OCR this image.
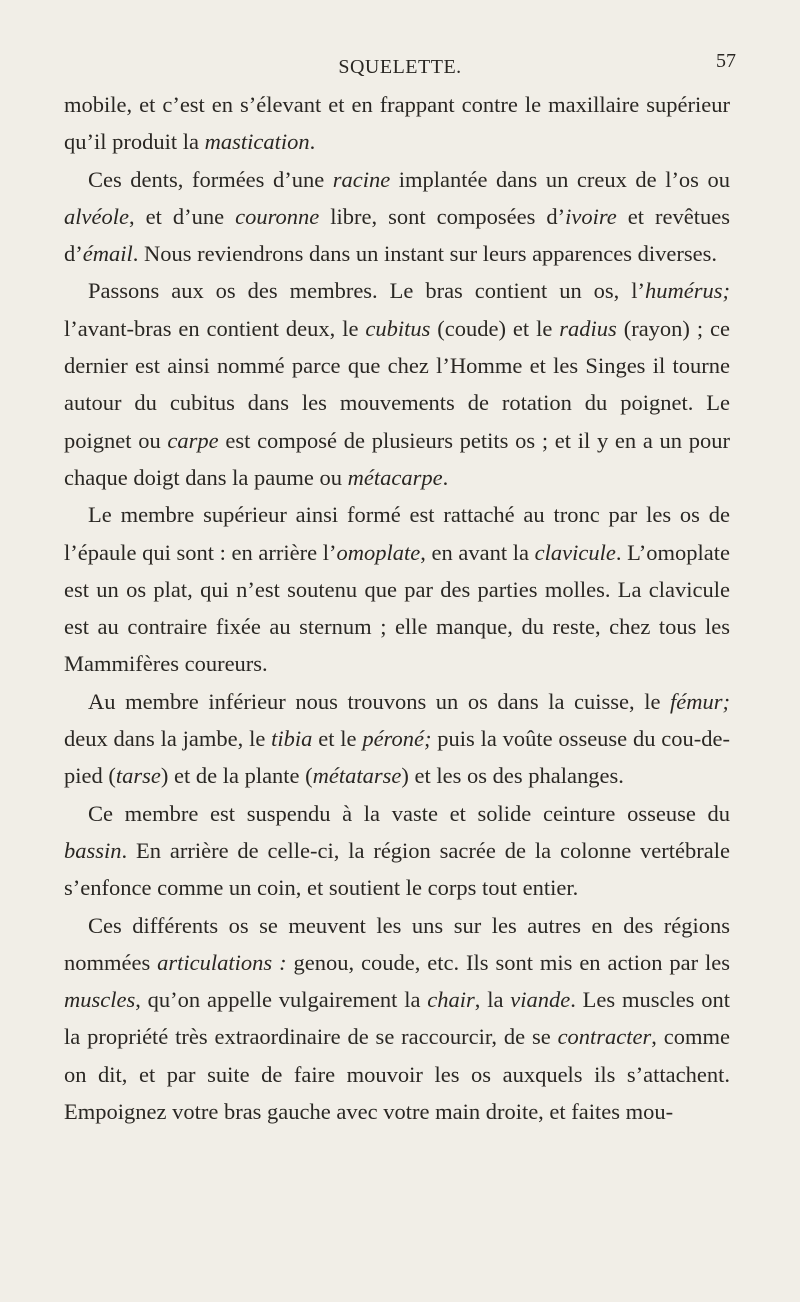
SQUELETTE.	57

mobile, et c’est en s’élevant et en frappant contre le maxillaire supérieur qu’il produit la mastication.

Ces dents, formées d’une racine implantée dans un creux de l’os ou alvéole, et d’une couronne libre, sont composées d’ivoire et revêtues d’émail. Nous reviendrons dans un instant sur leurs apparences diverses.

Passons aux os des membres. Le bras contient un os, l’humérus; l’avant-bras en contient deux, le cubitus (coude) et le radius (rayon) ; ce dernier est ainsi nommé parce que chez l’Homme et les Singes il tourne autour du cubitus dans les mouvements de rotation du poignet. Le poignet ou carpe est composé de plusieurs petits os ; et il y en a un pour chaque doigt dans la paume ou métacarpe.

Le membre supérieur ainsi formé est rattaché au tronc par les os de l’épaule qui sont : en arrière l’omoplate, en avant la clavicule. L’omoplate est un os plat, qui n’est soutenu que par des parties molles. La clavicule est au contraire fixée au sternum ; elle manque, du reste, chez tous les Mammifères coureurs.

Au membre inférieur nous trouvons un os dans la cuisse, le fémur; deux dans la jambe, le tibia et le péroné; puis la voûte osseuse du cou-de-pied (tarse) et de la plante (métatarse) et les os des phalanges.

Ce membre est suspendu à la vaste et solide ceinture osseuse du bassin. En arrière de celle-ci, la région sacrée de la colonne vertébrale s’enfonce comme un coin, et soutient le corps tout entier.

Ces différents os se meuvent les uns sur les autres en des régions nommées articulations : genou, coude, etc. Ils sont mis en action par les muscles, qu’on appelle vulgairement la chair, la viande. Les muscles ont la propriété très extraordinaire de se raccourcir, de se contracter, comme on dit, et par suite de faire mouvoir les os auxquels ils s’attachent. Empoignez votre bras gauche avec votre main droite, et faites mou-
